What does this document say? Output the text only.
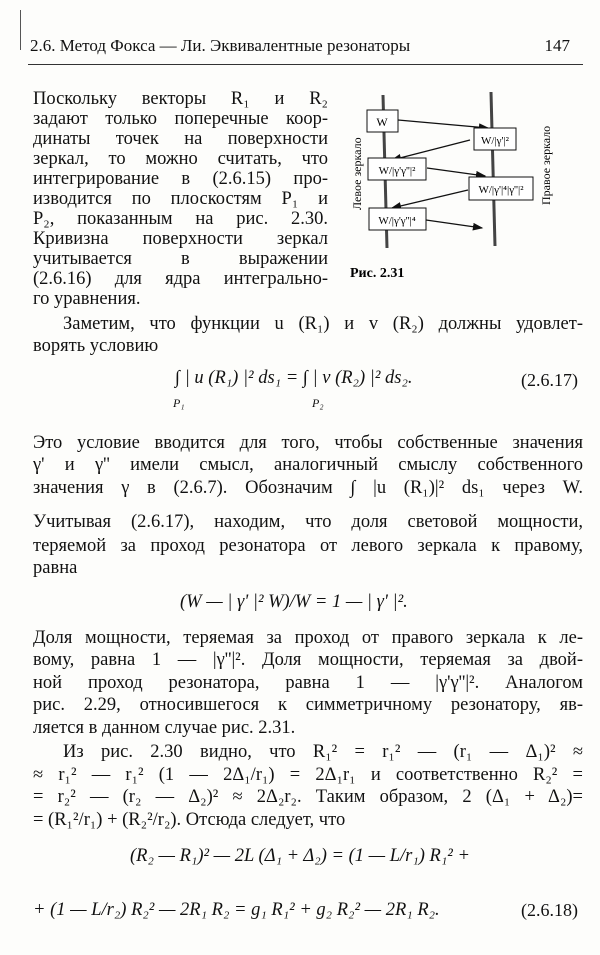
2.6. Метод Фокса — Ли. Эквивалентные резонаторы	147
W
W/|γ'|²
W/|γ'γ''|²
W/|γ'|⁴|γ''|²
W/|γ'γ''|⁴
Левое зеркало	Правое зеркало
Рис. 2.31
Поскольку векторы R₁ и R₂
задают только поперечные коор-
динаты точек на поверхности
зеркал, то можно считать, что
интегрирование в (2.6.15) про-
изводится по плоскостям P₁ и
P₂, показанным на рис. 2.30.
Кривизна поверхности зеркал
учитывается в выражении
(2.6.16) для ядра интегрально-
го уравнения.
Заметим, что функции u (R₁) и v (R₂) должны удовлет-
ворять условию
∫ | u (R₁) |² ds₁ = ∫ | v (R₂) |² ds₂.
P₁	P₂
(2.6.17)
Это условие вводится для того, чтобы собственные значения
γ' и γ'' имели смысл, аналогичный смыслу собственного
значения γ в (2.6.7). Обозначим ∫ |u (R₁)|² ds₁ через W.
Учитывая (2.6.17), находим, что доля световой мощности,
теряемой за проход резонатора от левого зеркала к правому,
равна
(W — | γ' |² W)/W = 1 — | γ' |².
Доля мощности, теряемая за проход от правого зеркала к ле-
вому, равна 1 — |γ''|². Доля мощности, теряемая за двой-
ной проход резонатора, равна 1 — |γ'γ''|². Аналогом
рис. 2.29, относившегося к симметричному резонатору, яв-
ляется в данном случае рис. 2.31.
Из рис. 2.30 видно, что R₁² = r₁² — (r₁ — Δ₁)² ≈
≈ r₁² — r₁² (1 — 2Δ₁/r₁) = 2Δ₁r₁ и соответственно R₂² =
= r₂² — (r₂ — Δ₂)² ≈ 2Δ₂r₂. Таким образом, 2 (Δ₁ + Δ₂)=
= (R₁²/r₁) + (R₂²/r₂). Отсюда следует, что
(R₂ — R₁)² — 2L (Δ₁ + Δ₂) = (1 — L/r₁) R₁² +
+ (1 — L/r₂) R₂² — 2R₁ R₂ = g₁ R₁² + g₂ R₂² — 2R₁ R₂.	(2.6.18)
